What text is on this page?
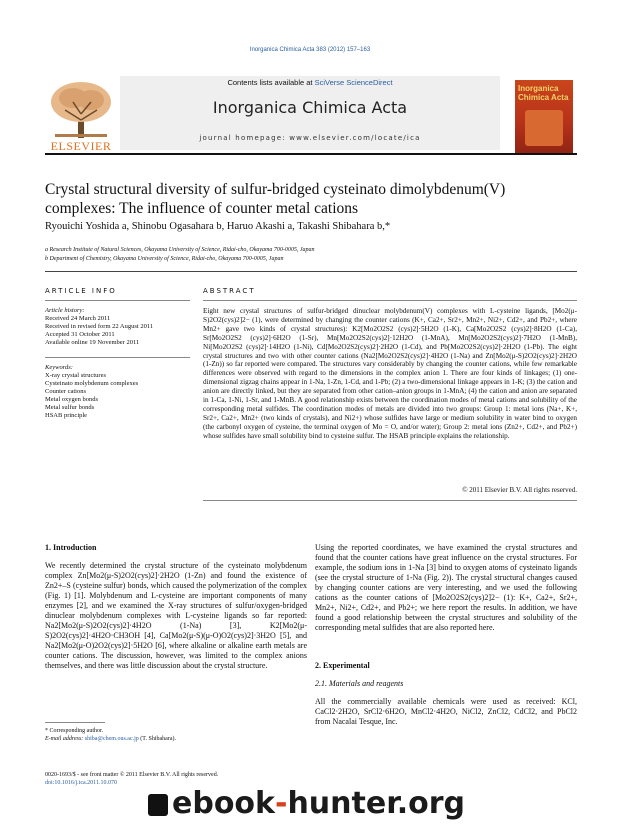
Inorganica Chimica Acta 383 (2012) 157–163
ELSEVIER
Contents lists available at SciVerse ScienceDirect
Inorganica Chimica Acta
journal homepage: www.elsevier.com/locate/ica
Inorganica Chimica Acta
Crystal structural diversity of sulfur-bridged cysteinato dimolybdenum(V)
complexes: The influence of counter metal cations
Ryouichi Yoshida a, Shinobu Ogasahara b, Haruo Akashi a, Takashi Shibahara b,*
a Research Institute of Natural Sciences, Okayama University of Science, Ridai-cho, Okayama 700-0005, Japan
b Department of Chemistry, Okayama University of Science, Ridai-cho, Okayama 700-0005, Japan
ARTICLE INFO
Article history:
Received 24 March 2011
Received in revised form 22 August 2011
Accepted 31 October 2011
Available online 19 November 2011
Keywords:
X-ray crystal structures
Cysteinato molybdenum complexes
Counter cations
Metal oxygen bonds
Metal sulfur bonds
HSAB principle
ABSTRACT
Eight new crystal structures of sulfur-bridged dinuclear molybdenum(V) complexes with L-cysteine ligands, [Mo2(μ-S)2O2(cys)2]2− (1), were determined by changing the counter cations (K+, Ca2+, Sr2+, Mn2+, Ni2+, Cd2+, and Pb2+, where Mn2+ gave two kinds of crystal structures): K2[Mo2O2S2 (cys)2]·5H2O (1-K), Ca[Mo2O2S2 (cys)2]·8H2O (1-Ca), Sr[Mo2O2S2 (cys)2]·6H2O (1-Sr), Mn[Mo2O2S2(cys)2]·12H2O (1-MnA), Mn[Mo2O2S2(cys)2]·7H2O (1-MnB), Ni[Mo2O2S2 (cys)2]·14H2O (1-Ni), Cd[Mo2O2S2(cys)2]·2H2O (1-Cd), and Pb[Mo2O2S2(cys)2]·2H2O (1-Pb). The eight crystal structures and two with other counter cations (Na2[Mo2O2S2(cys)2]·4H2O (1-Na) and Zn[Mo2(μ-S)2O2(cys)2]·2H2O (1-Zn)) so far reported were compared. The structures vary considerably by changing the counter cations, while few remarkable differences were observed with regard to the dimensions in the complex anion 1. There are four kinds of linkages; (1) one-dimensional zigzag chains appear in 1-Na, 1-Zn, 1-Cd, and 1-Pb; (2) a two-dimensional linkage appears in 1-K; (3) the cation and anion are directly linked, but they are separated from other cation–anion groups in 1-MnA; (4) the cation and anion are separated in 1-Ca, 1-Ni, 1-Sr, and 1-MnB. A good relationship exists between the coordination modes of metal cations and solubility of the corresponding metal sulfides. The coordination modes of metals are divided into two groups: Group 1: metal ions (Na+, K+, Sr2+, Ca2+, Mn2+ (two kinds of crystals), and Ni2+) whose sulfides have large or medium solubility in water bind to oxygen (the carbonyl oxygen of cysteine, the terminal oxygen of Mo = O, and/or water); Group 2: metal ions (Zn2+, Cd2+, and Pb2+) whose sulfides have small solubility bind to cysteine sulfur. The HSAB principle explains the relationship.
© 2011 Elsevier B.V. All rights reserved.
1. Introduction
We recently determined the crystal structure of the cysteinato molybdenum complex Zn[Mo2(μ-S)2O2(cys)2]·2H2O (1-Zn) and found the existence of Zn2+–S (cysteine sulfur) bonds, which caused the polymerization of the complex (Fig. 1) [1]. Molybdenum and L-cysteine are important components of many enzymes [2], and we examined the X-ray structures of sulfur/oxygen-bridged dinuclear molybdenum complexes with L-cysteine ligands so far reported: Na2[Mo2(μ-S)2O2(cys)2]·4H2O (1-Na) [3], K2[Mo2(μ-S)2O2(cys)2]·4H2O·CH3OH [4], Ca[Mo2(μ-S)(μ-O)O2(cys)2]·3H2O [5], and Na2[Mo2(μ-O)2O2(cys)2]·5H2O [6], where alkaline or alkaline earth metals are counter cations. The discussion, however, was limited to the complex anions themselves, and there was little discussion about the crystal structure.
Using the reported coordinates, we have examined the crystal structures and found that the counter cations have great influence on the crystal structures. For example, the sodium ions in 1-Na [3] bind to oxygen atoms of cysteinato ligands (see the crystal structure of 1-Na (Fig. 2)). The crystal structural changes caused by changing counter cations are very interesting, and we used the following cations as the counter cations of [Mo2O2S2(cys)2]2− (1): K+, Ca2+, Sr2+, Mn2+, Ni2+, Cd2+, and Pb2+; we here report the results. In addition, we have found a good relationship between the crystal structures and solubility of the corresponding metal sulfides that are also reported here.
2. Experimental
2.1. Materials and reagents
All the commercially available chemicals were used as received: KCl, CaCl2·2H2O, SrCl2·6H2O, MnCl2·4H2O, NiCl2, ZnCl2, CdCl2, and PbCl2 from Nacalai Tesque, Inc.
* Corresponding author.
E-mail address: shiba@chem.ous.ac.jp (T. Shibahara).
0020-1693/$ - see front matter © 2011 Elsevier B.V. All rights reserved.
doi:10.1016/j.ica.2011.10.070
ebook-hunter.org
